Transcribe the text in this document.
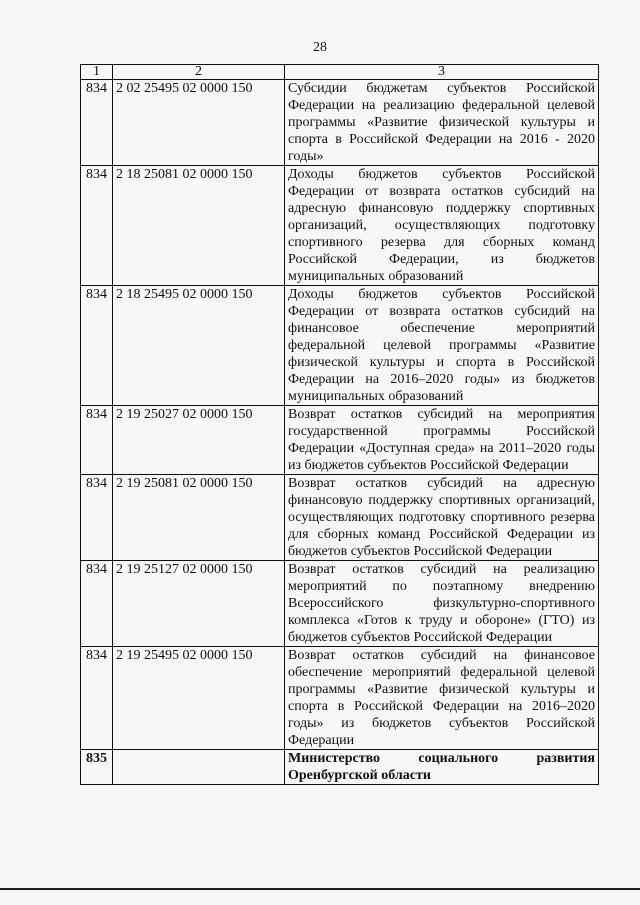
28
1	2	3
834	2 02 25495 02 0000 150	Субсидии бюджетам субъектов Российской Федерации на реализацию федеральной целевой программы «Развитие физической культуры и спорта в Российской Федерации на 2016 - 2020 годы»
834	2 18 25081 02 0000 150	Доходы бюджетов субъектов Российской Федерации от возврата остатков субсидий на адресную финансовую поддержку спортивных организаций, осуществляющих подготовку спортивного резерва для сборных команд Российской Федерации, из бюджетов муниципальных образований
834	2 18 25495 02 0000 150	Доходы бюджетов субъектов Российской Федерации от возврата остатков субсидий на финансовое обеспечение мероприятий федеральной целевой программы «Развитие физической культуры и спорта в Российской Федерации на 2016–2020 годы» из бюджетов муниципальных образований
834	2 19 25027 02 0000 150	Возврат остатков субсидий на мероприятия государственной программы Российской Федерации «Доступная среда» на 2011–2020 годы из бюджетов субъектов Российской Федерации
834	2 19 25081 02 0000 150	Возврат остатков субсидий на адресную финансовую поддержку спортивных организаций, осуществляющих подготовку спортивного резерва для сборных команд Российской Федерации из бюджетов субъектов Российской Федерации
834	2 19 25127 02 0000 150	Возврат остатков субсидий на реализацию мероприятий по поэтапному внедрению Всероссийского физкультурно-спортивного комплекса «Готов к труду и обороне» (ГТО) из бюджетов субъектов Российской Федерации
834	2 19 25495 02 0000 150	Возврат остатков субсидий на финансовое обеспечение мероприятий федеральной целевой программы «Развитие физической культуры и спорта в Российской Федерации на 2016–2020 годы» из бюджетов субъектов Российской Федерации
835		Министерство социального развития Оренбургской области
